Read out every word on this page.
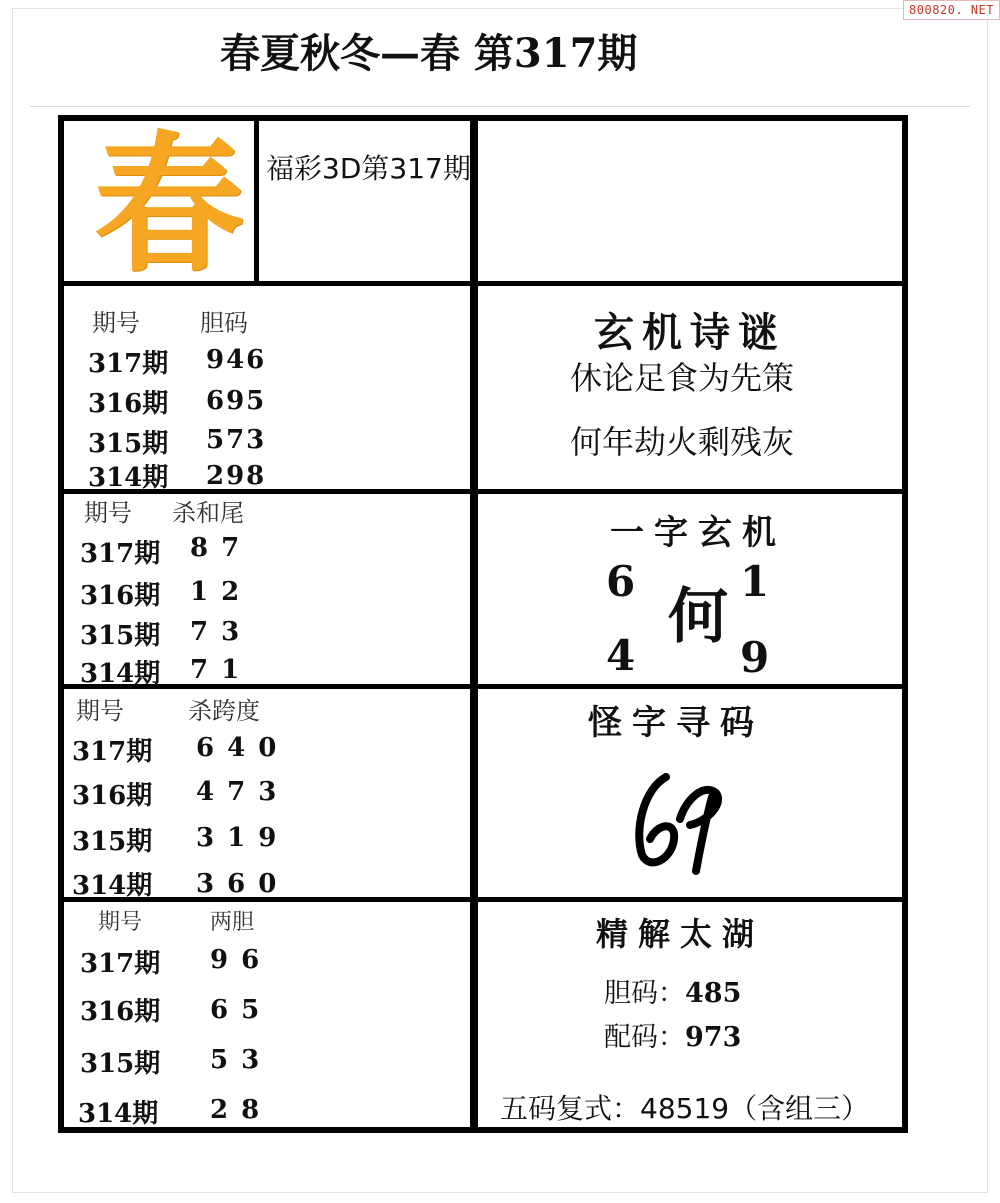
800820. NET
春夏秋冬—春 第317期
春 福彩3D第317期
期号	胆码
317期 946
316期 695
315期 573
314期 298
期号 杀和尾
317期 8 7
316期 1 2
315期 7 3
314期 7 1
期号	杀跨度
317期 6 4 0
316期 4 7 3
315期 3 1 9
314期 3 6 0
期号	两胆
317期 9 6
316期 6 5
315期 5 3
314期 2 8
玄机诗谜
休论足食为先策
何年劫火剩残灰
一字玄机
6 1
何
4 9
怪字寻码
精解太湖
胆码：485
配码：973
五码复式：48519（含组三）
